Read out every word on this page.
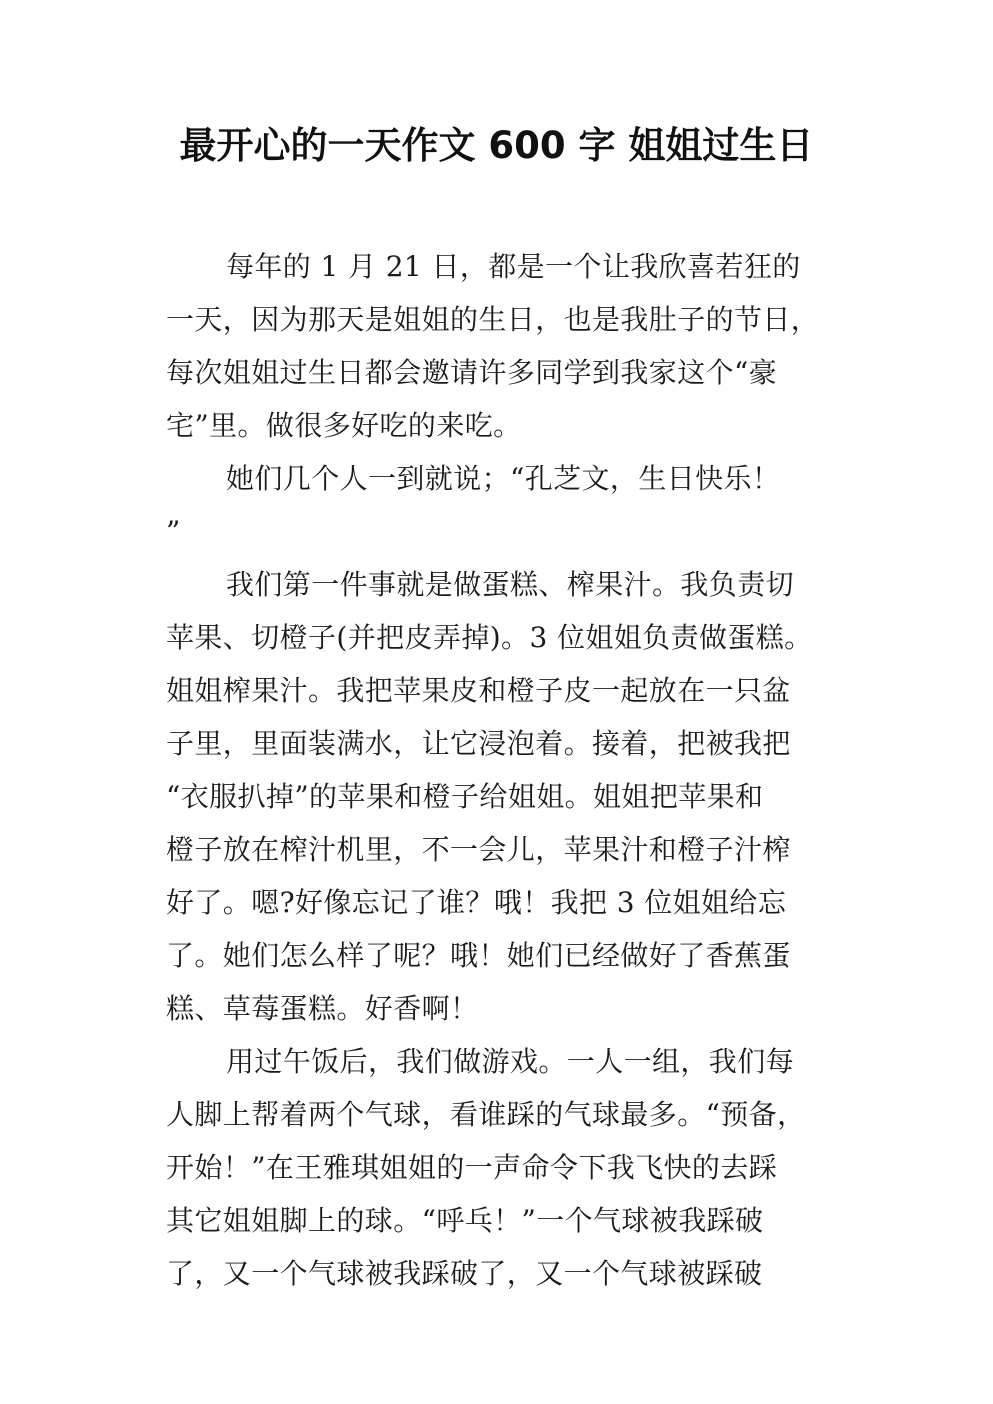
最开心的一天作文 600 字 姐姐过生日
每年的 1 月 21 日，都是一个让我欣喜若狂的
一天，因为那天是姐姐的生日，也是我肚子的节日，
每次姐姐过生日都会邀请许多同学到我家这个“豪
宅”里。做很多好吃的来吃。
她们几个人一到就说；“孔芝文，生日快乐！
”
我们第一件事就是做蛋糕、榨果汁。我负责切
苹果、切橙子(并把皮弄掉)。3 位姐姐负责做蛋糕。
姐姐榨果汁。我把苹果皮和橙子皮一起放在一只盆
子里，里面装满水，让它浸泡着。接着，把被我把
“衣服扒掉”的苹果和橙子给姐姐。姐姐把苹果和
橙子放在榨汁机里，不一会儿，苹果汁和橙子汁榨
好了。嗯?好像忘记了谁？哦！我把 3 位姐姐给忘
了。她们怎么样了呢？哦！她们已经做好了香蕉蛋
糕、草莓蛋糕。好香啊！
用过午饭后，我们做游戏。一人一组，我们每
人脚上帮着两个气球，看谁踩的气球最多。“预备，
开始！”在王雅琪姐姐的一声命令下我飞快的去踩
其它姐姐脚上的球。“呼乓！”一个气球被我踩破
了，又一个气球被我踩破了，又一个气球被踩破
